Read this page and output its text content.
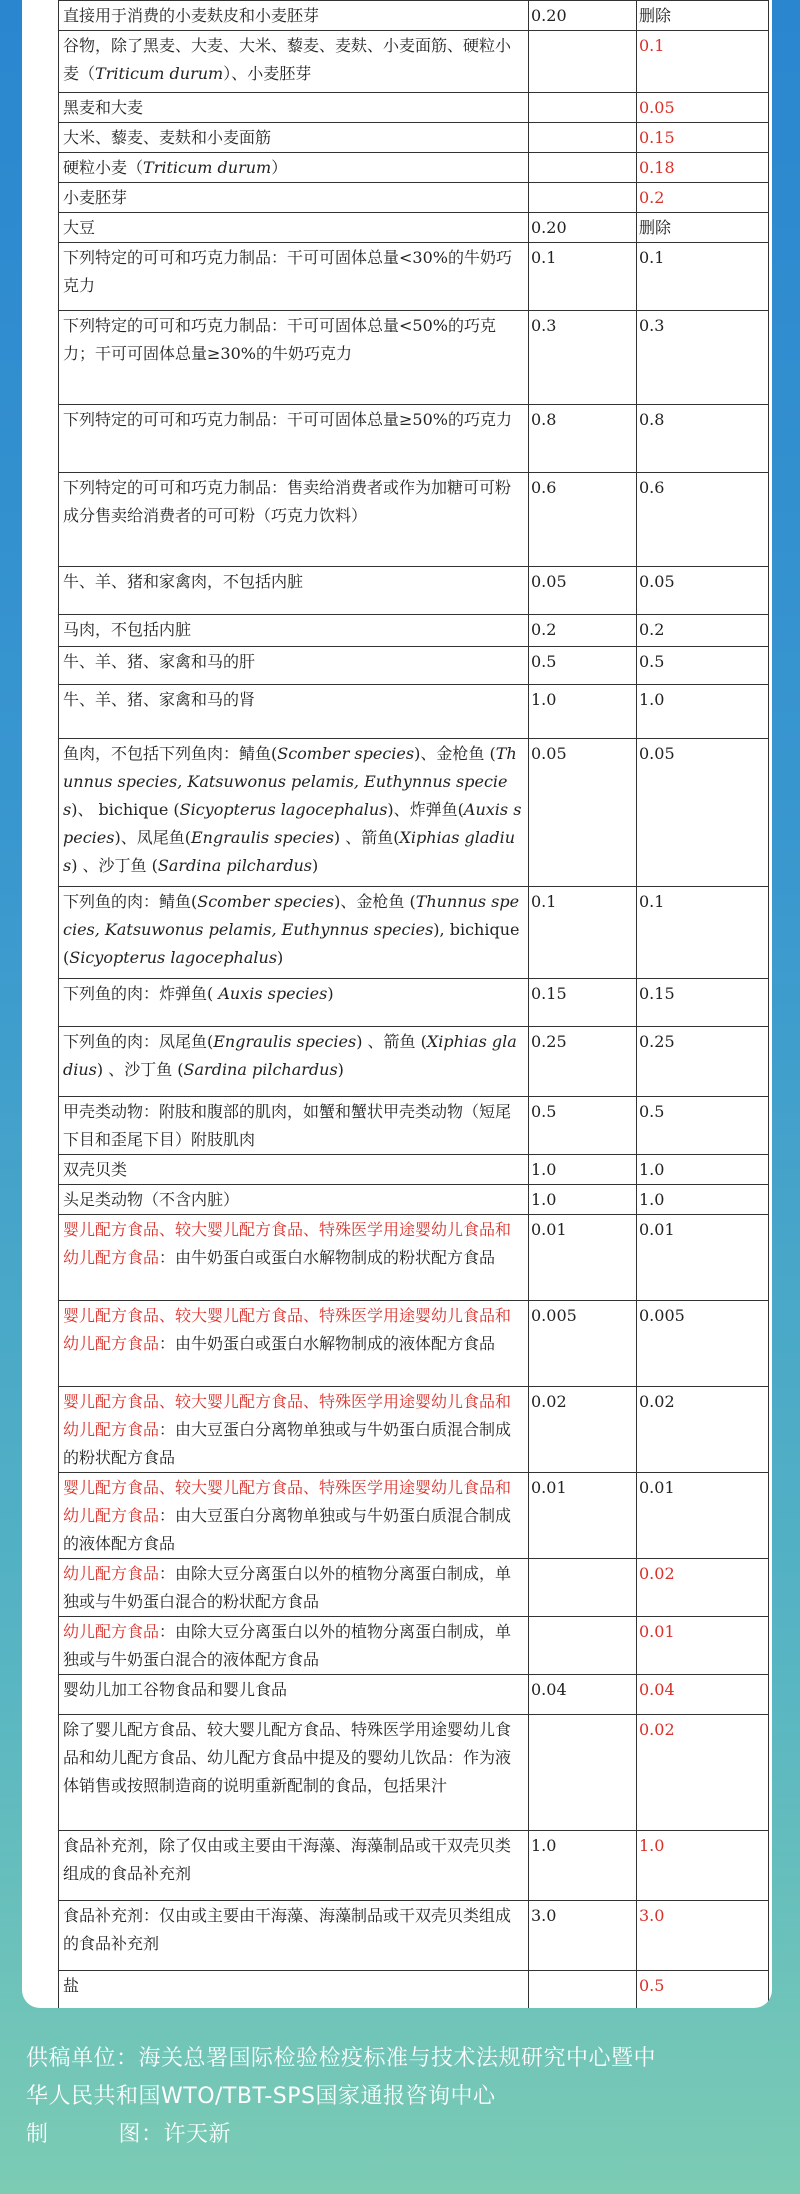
直接用于消费的小麦麸皮和小麦胚芽	0.20	删除
谷物，除了黑麦、大麦、大米、藜麦、麦麸、小麦面筋、硬粒小麦（Triticum durum）、小麦胚芽		0.1
黑麦和大麦		0.05
大米、藜麦、麦麸和小麦面筋		0.15
硬粒小麦（Triticum durum）		0.18
小麦胚芽		0.2
大豆	0.20	删除
下列特定的可可和巧克力制品：干可可固体总量<30%的牛奶巧克力	0.1	0.1
下列特定的可可和巧克力制品：干可可固体总量<50%的巧克力；干可可固体总量≥30%的牛奶巧克力	0.3	0.3
下列特定的可可和巧克力制品：干可可固体总量≥50%的巧克力	0.8	0.8
下列特定的可可和巧克力制品：售卖给消费者或作为加糖可可粉成分售卖给消费者的可可粉（巧克力饮料）	0.6	0.6
牛、羊、猪和家禽肉，不包括内脏	0.05	0.05
马肉，不包括内脏	0.2	0.2
牛、羊、猪、家禽和马的肝	0.5	0.5
牛、羊、猪、家禽和马的肾	1.0	1.0
鱼肉，不包括下列鱼肉：鲭鱼(Scomber species)、金枪鱼 (Thunnus species, Katsuwonus pelamis, Euthynnus species)、 bichique (Sicyopterus lagocephalus)、炸弹鱼(Auxis species)、凤尾鱼(Engraulis species) 、箭鱼(Xiphias gladius) 、沙丁鱼 (Sardina pilchardus)	0.05	0.05
下列鱼的肉：鲭鱼(Scomber species)、金枪鱼 (Thunnus species, Katsuwonus pelamis, Euthynnus species), bichique (Sicyopterus lagocephalus)	0.1	0.1
下列鱼的肉：炸弹鱼( Auxis species)	0.15	0.15
下列鱼的肉：凤尾鱼(Engraulis species) 、箭鱼 (Xiphias gladius) 、沙丁鱼 (Sardina pilchardus)	0.25	0.25
甲壳类动物：附肢和腹部的肌肉，如蟹和蟹状甲壳类动物（短尾下目和歪尾下目）附肢肌肉	0.5	0.5
双壳贝类	1.0	1.0
头足类动物（不含内脏）	1.0	1.0
婴儿配方食品、较大婴儿配方食品、特殊医学用途婴幼儿食品和幼儿配方食品：由牛奶蛋白或蛋白水解物制成的粉状配方食品	0.01	0.01
婴儿配方食品、较大婴儿配方食品、特殊医学用途婴幼儿食品和幼儿配方食品：由牛奶蛋白或蛋白水解物制成的液体配方食品	0.005	0.005
婴儿配方食品、较大婴儿配方食品、特殊医学用途婴幼儿食品和幼儿配方食品：由大豆蛋白分离物单独或与牛奶蛋白质混合制成的粉状配方食品	0.02	0.02
婴儿配方食品、较大婴儿配方食品、特殊医学用途婴幼儿食品和幼儿配方食品：由大豆蛋白分离物单独或与牛奶蛋白质混合制成的液体配方食品	0.01	0.01
幼儿配方食品：由除大豆分离蛋白以外的植物分离蛋白制成，单独或与牛奶蛋白混合的粉状配方食品		0.02
幼儿配方食品：由除大豆分离蛋白以外的植物分离蛋白制成，单独或与牛奶蛋白混合的液体配方食品		0.01
婴幼儿加工谷物食品和婴儿食品	0.04	0.04
除了婴儿配方食品、较大婴儿配方食品、特殊医学用途婴幼儿食品和幼儿配方食品、幼儿配方食品中提及的婴幼儿饮品：作为液体销售或按照制造商的说明重新配制的食品，包括果汁		0.02
食品补充剂，除了仅由或主要由干海藻、海藻制品或干双壳贝类组成的食品补充剂	1.0	1.0
食品补充剂：仅由或主要由干海藻、海藻制品或干双壳贝类组成的食品补充剂	3.0	3.0
盐		0.5
供稿单位：海关总署国际检验检疫标准与技术法规研究中心暨中
华人民共和国WTO/TBT-SPS国家通报咨询中心
制	图：许天新
